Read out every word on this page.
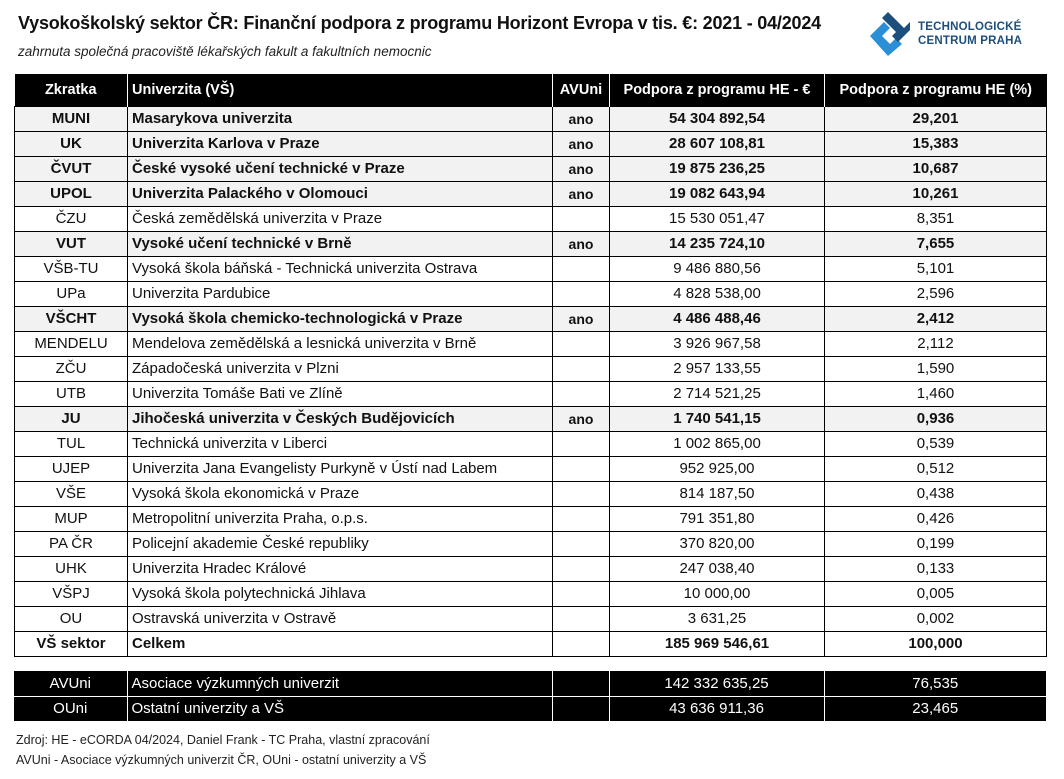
Vysokoškolský sektor ČR: Finanční podpora z programu Horizont Evropa v tis. €: 2021 - 04/2024
zahrnuta společná pracoviště lékařských fakult a fakultních nemocnic
TECHNOLOGICKÉ
CENTRUM PRAHA
Zkratka	Univerzita (VŠ)	AVUni	Podpora z programu HE - €	Podpora z programu HE (%)
MUNI	Masarykova univerzita	ano	54 304 892,54	29,201
UK	Univerzita Karlova v Praze	ano	28 607 108,81	15,383
ČVUT	České vysoké učení technické v Praze	ano	19 875 236,25	10,687
UPOL	Univerzita Palackého v Olomouci	ano	19 082 643,94	10,261
ČZU	Česká zemědělská univerzita v Praze		15 530 051,47	8,351
VUT	Vysoké učení technické v Brně	ano	14 235 724,10	7,655
VŠB-TU	Vysoká škola báňská - Technická univerzita Ostrava		9 486 880,56	5,101
UPa	Univerzita Pardubice		4 828 538,00	2,596
VŠCHT	Vysoká škola chemicko-technologická v Praze	ano	4 486 488,46	2,412
MENDELU	Mendelova zemědělská a lesnická univerzita v Brně		3 926 967,58	2,112
ZČU	Západočeská univerzita v Plzni		2 957 133,55	1,590
UTB	Univerzita Tomáše Bati ve Zlíně		2 714 521,25	1,460
JU	Jihočeská univerzita v Českých Budějovicích	ano	1 740 541,15	0,936
TUL	Technická univerzita v Liberci		1 002 865,00	0,539
UJEP	Univerzita Jana Evangelisty Purkyně v Ústí nad Labem		952 925,00	0,512
VŠE	Vysoká škola ekonomická v Praze		814 187,50	0,438
MUP	Metropolitní univerzita Praha, o.p.s.		791 351,80	0,426
PA ČR	Policejní akademie České republiky		370 820,00	0,199
UHK	Univerzita Hradec Králové		247 038,40	0,133
VŠPJ	Vysoká škola polytechnická Jihlava		10 000,00	0,005
OU	Ostravská univerzita v Ostravě		3 631,25	0,002
VŠ sektor	Celkem		185 969 546,61	100,000
AVUni	Asociace výzkumných univerzit		142 332 635,25	76,535
OUni	Ostatní univerzity a VŠ		43 636 911,36	23,465
Zdroj: HE - eCORDA 04/2024, Daniel Frank - TC Praha, vlastní zpracování
AVUni - Asociace výzkumných univerzit ČR, OUni - ostatní univerzity a VŠ
